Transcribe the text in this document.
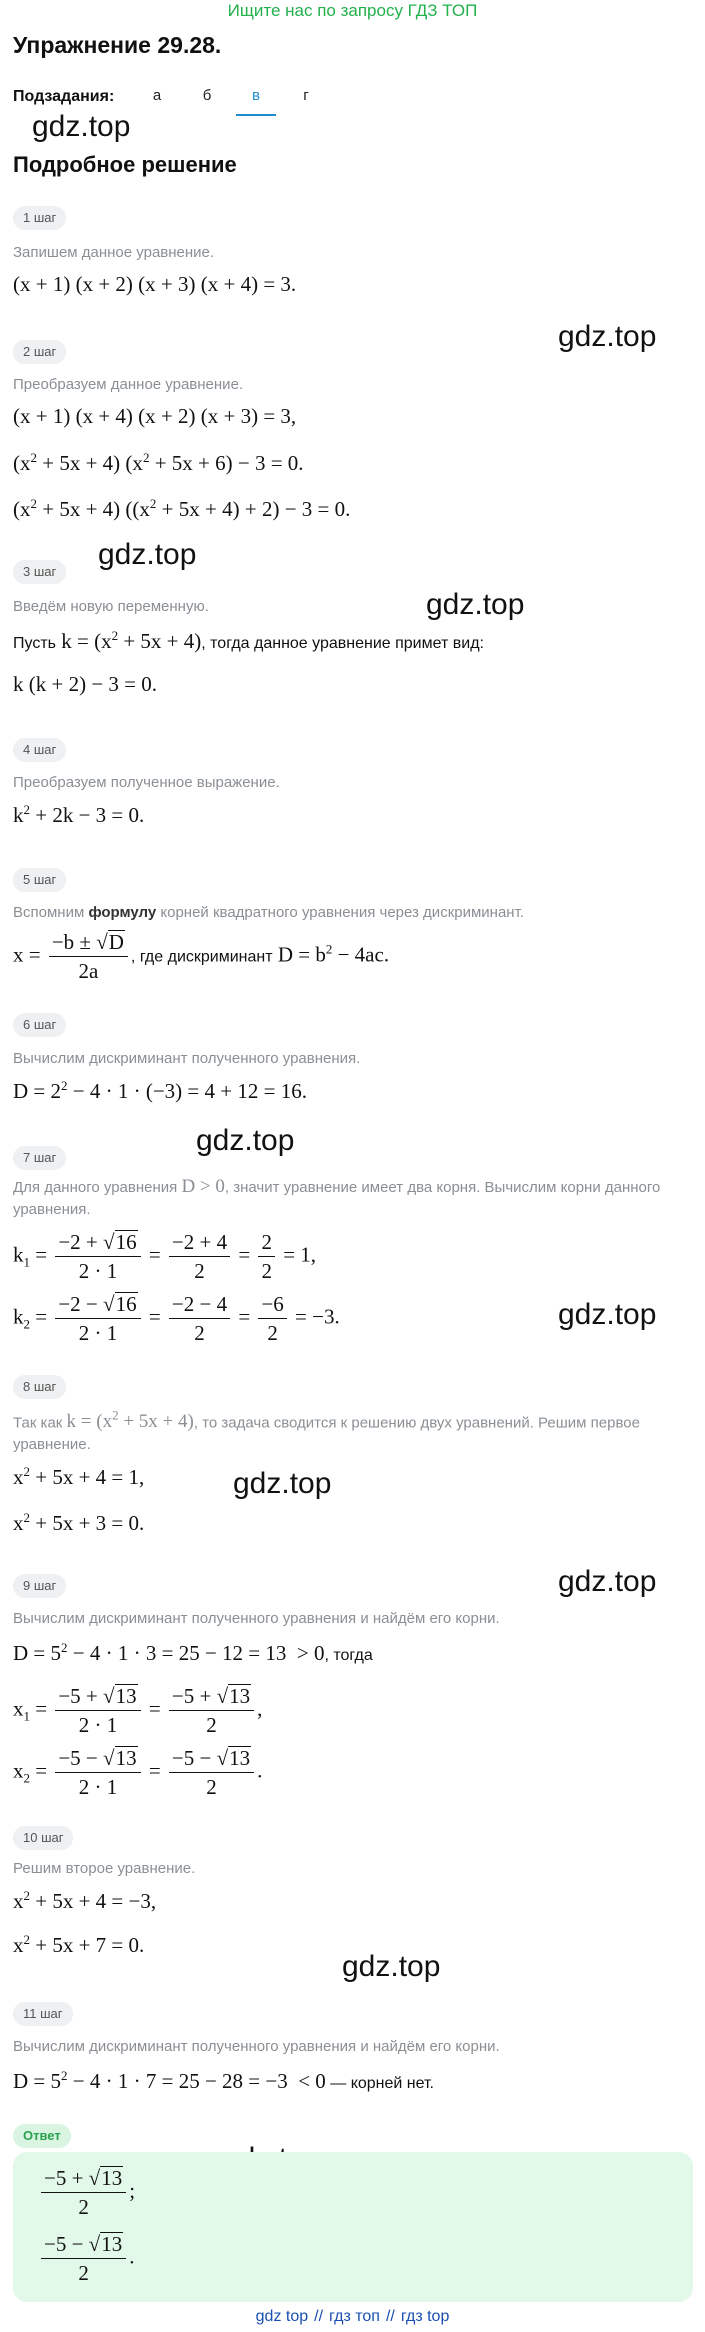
Ищите нас по запросу ГДЗ ТОП
Упражнение 29.28.
Подзадания:	а	б	в	г
gdz.top
gdz.top
gdz.top
gdz.top
gdz.top
gdz.top
gdz.top
gdz.top
gdz.top
Подробное решение
1 шаг
Запишем данное уравнение.
(x + 1) (x + 2) (x + 3) (x + 4) = 3.
2 шаг
Преобразуем данное уравнение.
(x + 1) (x + 4) (x + 2) (x + 3) = 3,
$(x^2 + 5x + 4) (x^2 + 5x + 6) - 3 = 0$.
$(x^2 + 5x + 4) ((x^2 + 5x + 4) + 2) - 3 = 0$.
3 шаг
Введём новую переменную.
Пусть $k = (x^2 + 5x + 4)$, тогда данное уравнение примет вид:
k (k + 2) − 3 = 0.
4 шаг
Преобразуем полученное выражение.
$k^2 + 2k - 3 = 0$.
5 шаг
Вспомним формулу корней квадратного уравнения через дискриминант.
$x = \frac{-b \pm √D}{2a}$ , где дискриминант $D = b^2 - 4ac$.
6 шаг
Вычислим дискриминант полученного уравнения.
$D = 2^2 - 4 \cdot 1 \cdot (-3) = 4 + 12 = 16$.
7 шаг
Для данного уравнения D > 0, значит уравнение имеет два корня. Вычислим корни данного уравнения.
$k_1 = \frac{-2 + √16}{2 \cdot 1} = \frac{-2 + 4}{2} = \frac{2}{2} = 1$,
$k_2 = \frac{-2 - √16}{2 \cdot 1} = \frac{-2 - 4}{2} = \frac{-6}{2} = -3$.
8 шаг
Так как $k = (x^2 + 5x + 4)$, то задача сводится к решению двух уравнений. Решим первое уравнение.
$x^2 + 5x + 4 = 1$,
$x^2 + 5x + 3 = 0$.
9 шаг
Вычислим дискриминант полученного уравнения и найдём его корни.
$D = 5^2 - 4 \cdot 1 \cdot 3 = 25 - 12 = 13 > 0$, тогда
$x_1 = \frac{-5 + √13}{2 \cdot 1} = \frac{-5 + √13}{2}$ ,
$x_2 = \frac{-5 - √13}{2 \cdot 1} = \frac{-5 - √13}{2}$ .
10 шаг
Решим второе уравнение.
$x^2 + 5x + 4 = -3$,
$x^2 + 5x + 7 = 0$.
11 шаг
Вычислим дискриминант полученного уравнения и найдём его корни.
$D = 5^2 - 4 \cdot 1 \cdot 7 = 25 - 28 = -3 < 0$ — корней нет.
Ответ
$\frac{-5 + √13}{2}$ ;
$\frac{-5 - √13}{2}$ .
gdz top // гдз топ // гдз top
